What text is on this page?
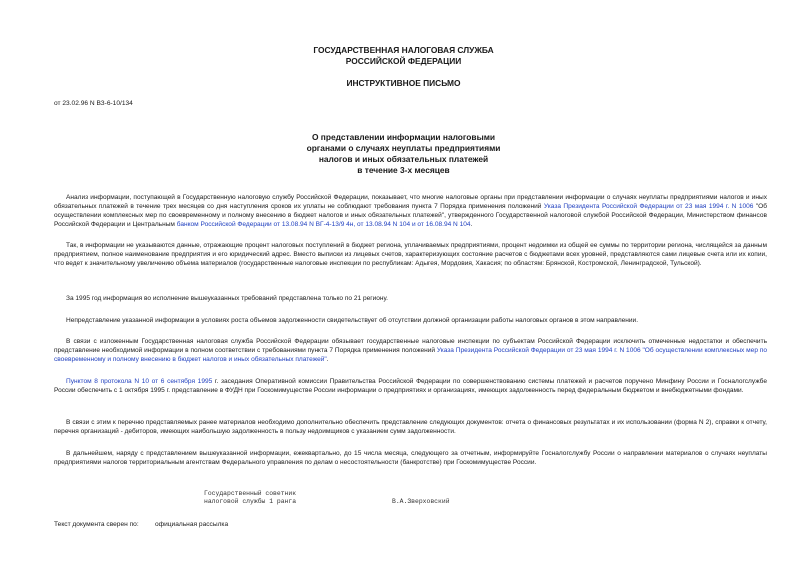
ГОСУДАРСТВЕННАЯ НАЛОГОВАЯ СЛУЖБА
РОССИЙСКОЙ ФЕДЕРАЦИИ
ИНСТРУКТИВНОЕ ПИСЬМО
от 23.02.96 N ВЗ-6-10/134
О представлении информации налоговыми
органами о случаях неуплаты предприятиями
налогов и иных обязательных платежей
в течение 3-х месяцев
Анализ информации, поступающей в Государственную налоговую службу Российской Федерации, показывает, что многие налоговые органы при представлении информации о случаях неуплаты предприятиями налогов и иных обязательных платежей в течение трех месяцев со дня наступления сроков их уплаты не соблюдают требования пункта 7 Порядка применения положений Указа Президента Российской Федерации от 23 мая 1994 г. N 1006 "Об осуществлении комплексных мер по своевременному и полному внесению в бюджет налогов и иных обязательных платежей", утвержденного Государственной налоговой службой Российской Федерации, Министерством финансов Российской Федерации и Центральным банком Российской Федерации от 13.08.94 N ВГ-4-13/9 4н, от 13.08.94 N 104 и от 16.08.94 N 104.
Так, в информации не указываются данные, отражающие процент налоговых поступлений в бюджет региона, уплачиваемых предприятиями, процент недоимки из общей ее суммы по территории региона, числящейся за данным предприятием, полное наименование предприятия и его юридический адрес. Вместо выписки из лицевых счетов, характеризующих состояние расчетов с бюджетами всех уровней, представляются сами лицевые счета или их копии, что ведет к значительному увеличению объема материалов (государственные налоговые инспекции по республикам: Адыгея, Мордовия, Хакасия; по областям: Брянской, Костромской, Ленинградской, Тульской).
За 1995 год информация во исполнение вышеуказанных требований представлена только по 21 региону.
Непредставление указанной информации в условиях роста объемов задолженности свидетельствует об отсутствии должной организации работы налоговых органов в этом направлении.
В связи с изложенным Государственная налоговая служба Российской Федерации обязывает государственные налоговые инспекции по субъектам Российской Федерации исключить отмеченные недостатки и обеспечить представление необходимой информации в полном соответствии с требованиями пункта 7 Порядка применения положений Указа Президента Российской Федерации от 23 мая 1994 г. N 1006 "Об осуществлении комплексных мер по своевременному и полному внесению в бюджет налогов и иных обязательных платежей".
Пунктом 8 протокола N 10 от 6 сентября 1995 г. заседания Оперативной комиссии Правительства Российской Федерации по совершенствованию системы платежей и расчетов поручено Минфину России и Госналогслужбе России обеспечить с 1 октября 1995 г. представление в ФУДН при Госкомимуществе России информации о предприятиях и организациях, имеющих задолженность перед федеральным бюджетом и внебюджетными фондами.
В связи с этим к перечню представляемых ранее материалов необходимо дополнительно обеспечить представление следующих документов: отчета о финансовых результатах и их использовании (форма N 2), справки к отчету, перечня организаций - дебиторов, имеющих наибольшую задолженность в пользу недоимщиков с указанием сумм задолженности.
В дальнейшем, наряду с представлением вышеуказанной информации, ежеквартально, до 15 числа месяца, следующего за отчетным, информируйте Госналогслужбу России о направлении материалов о случаях неуплаты предприятиями налогов территориальным агентствам Федерального управления по делам о несостоятельности (банкротстве) при Госкомимуществе России.
Государственный советник
налоговой службы 1 ранга	В.А.Зверховский
Текст документа сверен по: официальная рассылка
